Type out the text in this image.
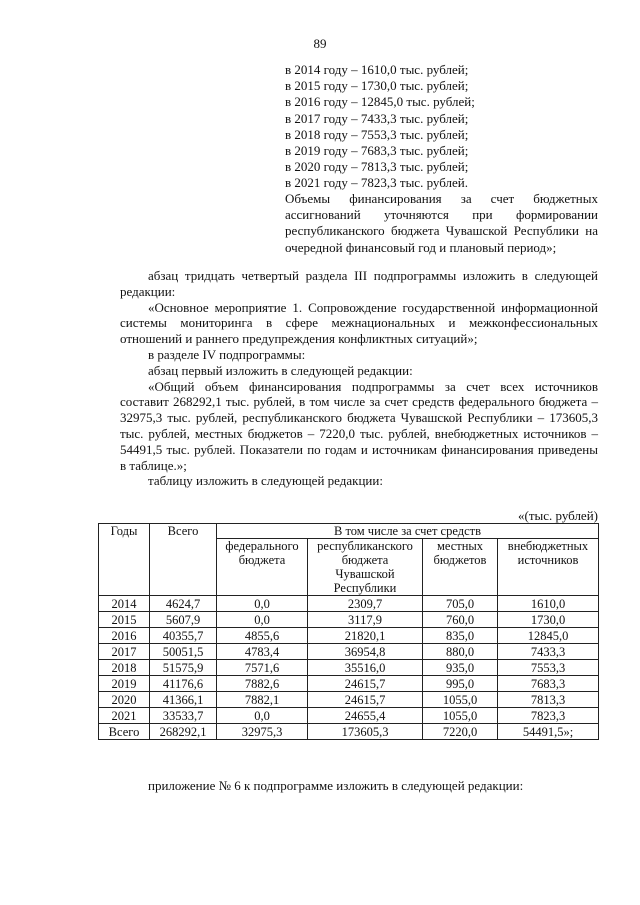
89
в 2014 году – 1610,0 тыс. рублей;
в 2015 году – 1730,0 тыс. рублей;
в 2016 году – 12845,0 тыс. рублей;
в 2017 году – 7433,3 тыс. рублей;
в 2018 году – 7553,3 тыс. рублей;
в 2019 году – 7683,3 тыс. рублей;
в 2020 году – 7813,3 тыс. рублей;
в 2021 году – 7823,3 тыс. рублей.
Объемы финансирования за счет бюджетных ассигнований уточняются при формировании республиканского бюджета Чувашской Республики на очередной финансовый год и плановый период»;

абзац тридцать четвертый раздела III подпрограммы изложить в следующей редакции:

«Основное мероприятие 1. Сопровождение государственной информационной системы мониторинга в сфере межнациональных и межконфессиональных отношений и раннего предупреждения конфликтных ситуаций»;

в разделе IV подпрограммы:

абзац первый изложить в следующей редакции:

«Общий объем финансирования подпрограммы за счет всех источников составит 268292,1 тыс. рублей, в том числе за счет средств федерального бюджета – 32975,3 тыс. рублей, республиканского бюджета Чувашской Республики – 173605,3 тыс. рублей, местных бюджетов – 7220,0 тыс. рублей, внебюджетных источников – 54491,5 тыс. рублей. Показатели по годам и источникам финансирования приведены в таблице.»;

таблицу изложить в следующей редакции:

«(тыс. рублей)
Годы	Всего	В том числе за счет средств			
		федерального бюджета	республиканского бюджета Чувашской Республики	местных бюджетов	внебюджетных источников
2014	4624,7	0,0	2309,7	705,0	1610,0
2015	5607,9	0,0	3117,9	760,0	1730,0
2016	40355,7	4855,6	21820,1	835,0	12845,0
2017	50051,5	4783,4	36954,8	880,0	7433,3
2018	51575,9	7571,6	35516,0	935,0	7553,3
2019	41176,6	7882,6	24615,7	995,0	7683,3
2020	41366,1	7882,1	24615,7	1055,0	7813,3
2021	33533,7	0,0	24655,4	1055,0	7823,3
Всего	268292,1	32975,3	173605,3	7220,0	54491,5»;
приложение № 6 к подпрограмме изложить в следующей редакции:
